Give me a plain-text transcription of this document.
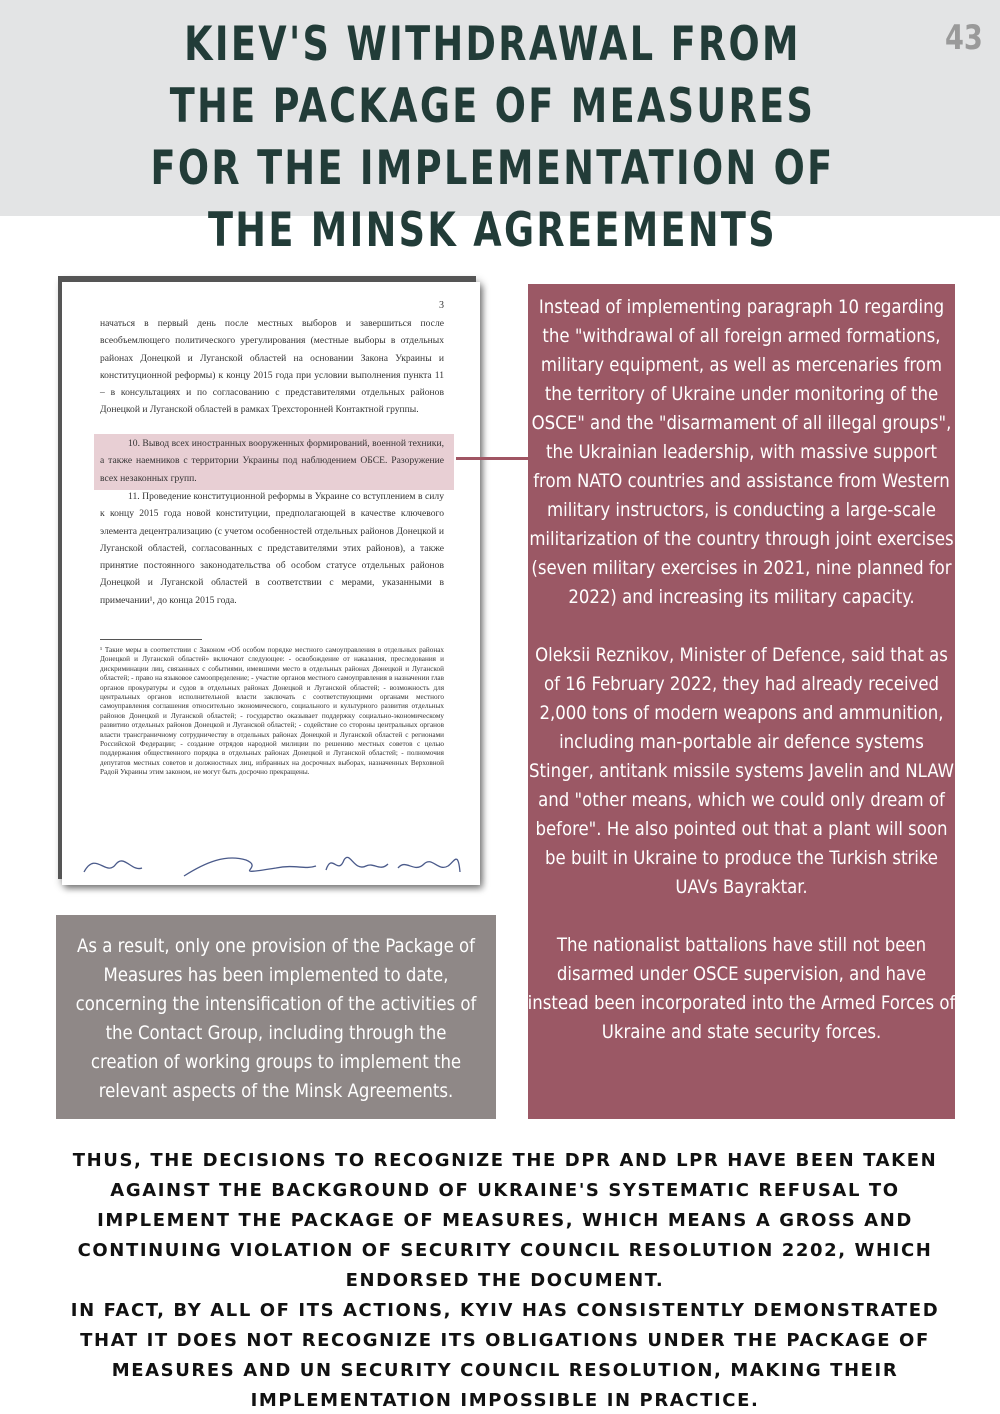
KIEV'S WITHDRAWAL FROM THE PACKAGE OF MEASURES FOR THE IMPLEMENTATION OF THE MINSK AGREEMENTS
43
3
начаться в первый день после местных выборов и завершиться после всеобъемлющего политического урегулирования (местные выборы в отдельных районах Донецкой и Луганской областей на основании Закона Украины и конституционной реформы) к концу 2015 года при условии выполнения пункта 11 – в консультациях и по согласованию с представителями отдельных районов Донецкой и Луганской областей в рамках Трехсторонней Контактной группы.
10. Вывод всех иностранных вооруженных формирований, военной техники, а также наемников с территории Украины под наблюдением ОБСЕ. Разоружение всех незаконных групп.
11. Проведение конституционной реформы в Украине со вступлением в силу к концу 2015 года новой конституции, предполагающей в качестве ключевого элемента децентрализацию (с учетом особенностей отдельных районов Донецкой и Луганской областей, согласованных с представителями этих районов), а также принятие постоянного законодательства об особом статусе отдельных районов Донецкой и Луганской областей в соответствии с мерами, указанными в примечании¹, до конца 2015 года.
¹ Такие меры в соответствии с Законом «Об особом порядке местного самоуправления в отдельных районах Донецкой и Луганской областей» включают следующее: - освобождение от наказания, преследования и дискриминации лиц, связанных с событиями, имевшими место в отдельных районах Донецкой и Луганской областей; - право на языковое самоопределение; - участие органов местного самоуправления в назначении глав органов прокуратуры и судов в отдельных районах Донецкой и Луганской областей; - возможность для центральных органов исполнительной власти заключать с соответствующими органами местного самоуправления соглашения относительно экономического, социального и культурного развития отдельных районов Донецкой и Луганской областей; - государство оказывает поддержку социально-экономическому развитию отдельных районов Донецкой и Луганской областей; - содействие со стороны центральных органов власти трансграничному сотрудничеству в отдельных районах Донецкой и Луганской областей с регионами Российской Федерации; - создание отрядов народной милиции по решению местных советов с целью поддержания общественного порядка в отдельных районах Донецкой и Луганской областей; - полномочия депутатов местных советов и должностных лиц, избранных на досрочных выборах, назначенных Верховной Радой Украины этим законом, не могут быть досрочно прекращены.

Instead of implementing paragraph 10 regarding the "withdrawal of all foreign armed formations, military equipment, as well as mercenaries from the territory of Ukraine under monitoring of the OSCE" and the "disarmament of all illegal groups", the Ukrainian leadership, with massive support from NATO countries and assistance from Western military instructors, is conducting a large-scale militarization of the country through joint exercises (seven military exercises in 2021, nine planned for 2022) and increasing its military capacity.

Oleksii Reznikov, Minister of Defence, said that as of 16 February 2022, they had already received 2,000 tons of modern weapons and ammunition, including man-portable air defence systems Stinger, antitank missile systems Javelin and NLAW and "other means, which we could only dream of before". He also pointed out that a plant will soon be built in Ukraine to produce the Turkish strike UAVs Bayraktar.

The nationalist battalions have still not been disarmed under OSCE supervision, and have instead been incorporated into the Armed Forces of Ukraine and state security forces.

As a result, only one provision of the Package of Measures has been implemented to date, concerning the intensification of the activities of the Contact Group, including through the creation of working groups to implement the relevant aspects of the Minsk Agreements.
THUS, THE DECISIONS TO RECOGNIZE THE DPR AND LPR HAVE BEEN TAKEN AGAINST THE BACKGROUND OF UKRAINE'S SYSTEMATIC REFUSAL TO IMPLEMENT THE PACKAGE OF MEASURES, WHICH MEANS A GROSS AND CONTINUING VIOLATION OF SECURITY COUNCIL RESOLUTION 2202, WHICH ENDORSED THE DOCUMENT.
IN FACT, BY ALL OF ITS ACTIONS, KYIV HAS CONSISTENTLY DEMONSTRATED THAT IT DOES NOT RECOGNIZE ITS OBLIGATIONS UNDER THE PACKAGE OF MEASURES AND UN SECURITY COUNCIL RESOLUTION, MAKING THEIR IMPLEMENTATION IMPOSSIBLE IN PRACTICE.
